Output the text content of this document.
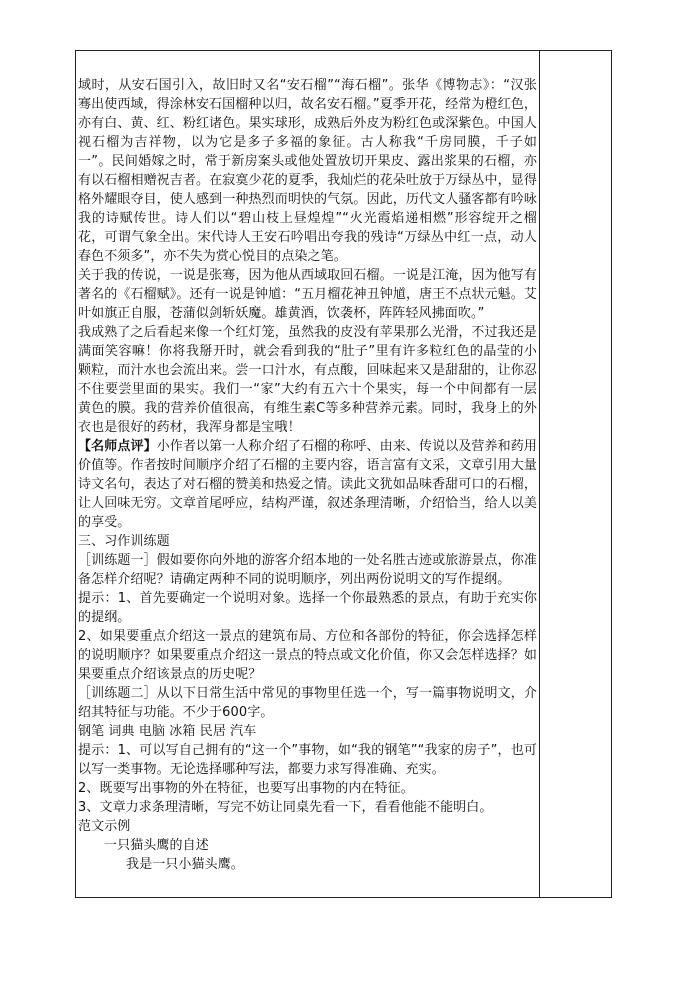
域时，从安石国引入，故旧时又名“安石榴”“海石榴”。张华《博物志》：“汉张骞出使西域，得涂林安石国榴种以归，故名安石榴。”夏季开花，经常为橙红色，亦有白、黄、红、粉红诸色。果实球形，成熟后外皮为粉红色或深紫色。中国人视石榴为吉祥物，以为它是多子多福的象征。古人称我“千房同膜，千子如一”。民间婚嫁之时，常于新房案头或他处置放切开果皮、露出浆果的石榴，亦有以石榴相赠祝吉者。在寂寞少花的夏季，我灿烂的花朵吐放于万绿丛中，显得格外耀眼夺目，使人感到一种热烈而明快的气氛。因此，历代文人骚客都有吟咏我的诗赋传世。诗人们以“碧山枝上昼煌煌”“火光霞焰递相燃”形容绽开之榴花，可谓气象全出。宋代诗人王安石吟唱出夸我的残诗“万绿丛中红一点，动人春色不须多”，亦不失为赏心悦目的点染之笔。

关于我的传说，一说是张骞，因为他从西域取回石榴。一说是江淹，因为他写有著名的《石榴赋》。还有一说是钟馗：“五月榴花神丑钟馗，唐王不点状元魁。艾叶如旗正自服，苍蒲似剑斩妖魔。雄黄酒，饮袭杯，阵阵轻风拂面吹。”

我成熟了之后看起来像一个红灯笼，虽然我的皮没有苹果那么光滑，不过我还是满面笑容嘛！你将我掰开时，就会看到我的“肚子”里有许多粒红色的晶莹的小颗粒，而汁水也会流出来。尝一口汁水，有点酸，回味起来又是甜甜的，让你忍不住要尝里面的果实。我们一“家”大约有五六十个果实，每一个中间都有一层黄色的膜。我的营养价值很高，有维生素C等多种营养元素。同时，我身上的外衣也是很好的药材，我浑身都是宝哦！

【名师点评】小作者以第一人称介绍了石榴的称呼、由来、传说以及营养和药用价值等。作者按时间顺序介绍了石榴的主要内容，语言富有文采，文章引用大量诗文名句，表达了对石榴的赞美和热爱之情。读此文犹如品味香甜可口的石榴，让人回味无穷。文章首尾呼应，结构严谨，叙述条理清晰，介绍恰当，给人以美的享受。

三、习作训练题

［训练题一］假如要你向外地的游客介绍本地的一处名胜古迹或旅游景点，你准备怎样介绍呢？请确定两种不同的说明顺序，列出两份说明文的写作提纲。

提示：1、首先要确定一个说明对象。选择一个你最熟悉的景点，有助于充实你的提纲。

2、如果要重点介绍这一景点的建筑布局、方位和各部份的特征，你会选择怎样的说明顺序？如果要重点介绍这一景点的特点或文化价值，你又会怎样选择？如果要重点介绍该景点的历史呢？

［训练题二］从以下日常生活中常见的事物里任选一个，写一篇事物说明文，介绍其特征与功能。不少于600字。

钢笔 词典 电脑 冰箱 民居 汽车

提示：1、可以写自己拥有的“这一个”事物，如“我的钢笔”“我家的房子”，也可以写一类事物。无论选择哪种写法，都要力求写得准确、充实。

2、既要写出事物的外在特征，也要写出事物的内在特征。

3、文章力求条理清晰，写完不妨让同桌先看一下，看看他能不能明白。

范文示例

一只猫头鹰的自述

我是一只小猫头鹰。
